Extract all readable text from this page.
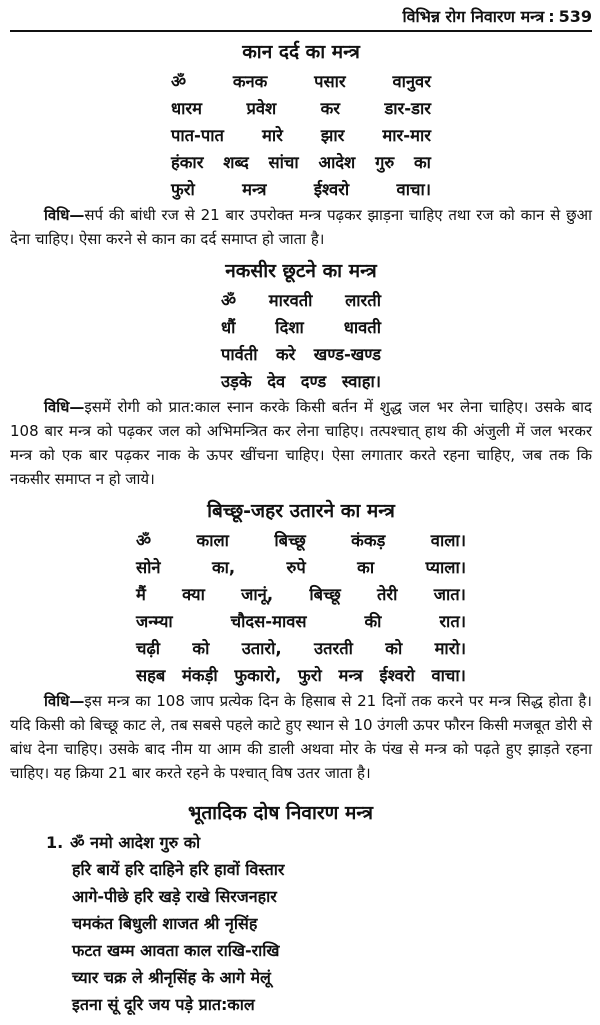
विभिन्न रोग निवारण मन्त्र : 539
कान दर्द का मन्त्र
ॐ	कनक	पसार	वानुवर
धारम	प्रवेश	कर	डार-डार
पात-पात मारे झार मार-मार
हंकार शब्द सांचा आदेश गुरु का
फुरो	मन्त्र	ईश्वरो	वाचा।

विधि—सर्प की बांधी रज से 21 बार उपरोक्त मन्त्र पढ़कर झाड़ना चाहिए तथा रज को कान से छुआ देना चाहिए। ऐसा करने से कान का दर्द समाप्त हो जाता है।

नकसीर छूटने का मन्त्र
ॐ मारवती लारती
धौं दिशा धावती
पार्वती करे खण्ड-खण्ड
उड़के देव दण्ड स्वाहा।

विधि—इसमें रोगी को प्रात:काल स्नान करके किसी बर्तन में शुद्ध जल भर लेना चाहिए। उसके बाद 108 बार मन्त्र को पढ़कर जल को अभिमन्त्रित कर लेना चाहिए। तत्पश्चात् हाथ की अंजुली में जल भरकर मन्त्र को एक बार पढ़कर नाक के ऊपर खींचना चाहिए। ऐसा लगातार करते रहना चाहिए, जब तक कि नकसीर समाप्त न हो जाये।

बिच्छू-जहर उतारने का मन्त्र
ॐ	काला	बिच्छू	कंकड़	वाला।
सोने	का,	रुपे	का	प्याला।
मैं क्या जानूं, बिच्छू तेरी जात।
जन्म्या	चौदस-मावस	की	रात।
चढ़ी को उतारो, उतरती को मारो।
सहब मंकड़ी फुकारो, फुरो मन्त्र ईश्वरो वाचा।

विधि—इस मन्त्र का 108 जाप प्रत्येक दिन के हिसाब से 21 दिनों तक करने पर मन्त्र सिद्ध होता है। यदि किसी को बिच्छू काट ले, तब सबसे पहले काटे हुए स्थान से 10 उंगली ऊपर फौरन किसी मजबूत डोरी से बांध देना चाहिए। उसके बाद नीम या आम की डाली अथवा मोर के पंख से मन्त्र को पढ़ते हुए झाड़ते रहना चाहिए। यह क्रिया 21 बार करते रहने के पश्चात् विष उतर जाता है।

भूतादिक दोष निवारण मन्त्र
1. ॐ नमो आदेश गुरु को
हरि बायें हरि दाहिने हरि हावों विस्तार
आगे-पीछे हरि खड़े राखे सिरजनहार
चमकंत बिधुली शाजत श्री नृसिंह
फटत खम्म आवता काल राखि-राखि
च्यार चक्र ले श्रीनृसिंह के आगे मेलूं
इतना सूं दूरि जय पड़े प्रात:काल
